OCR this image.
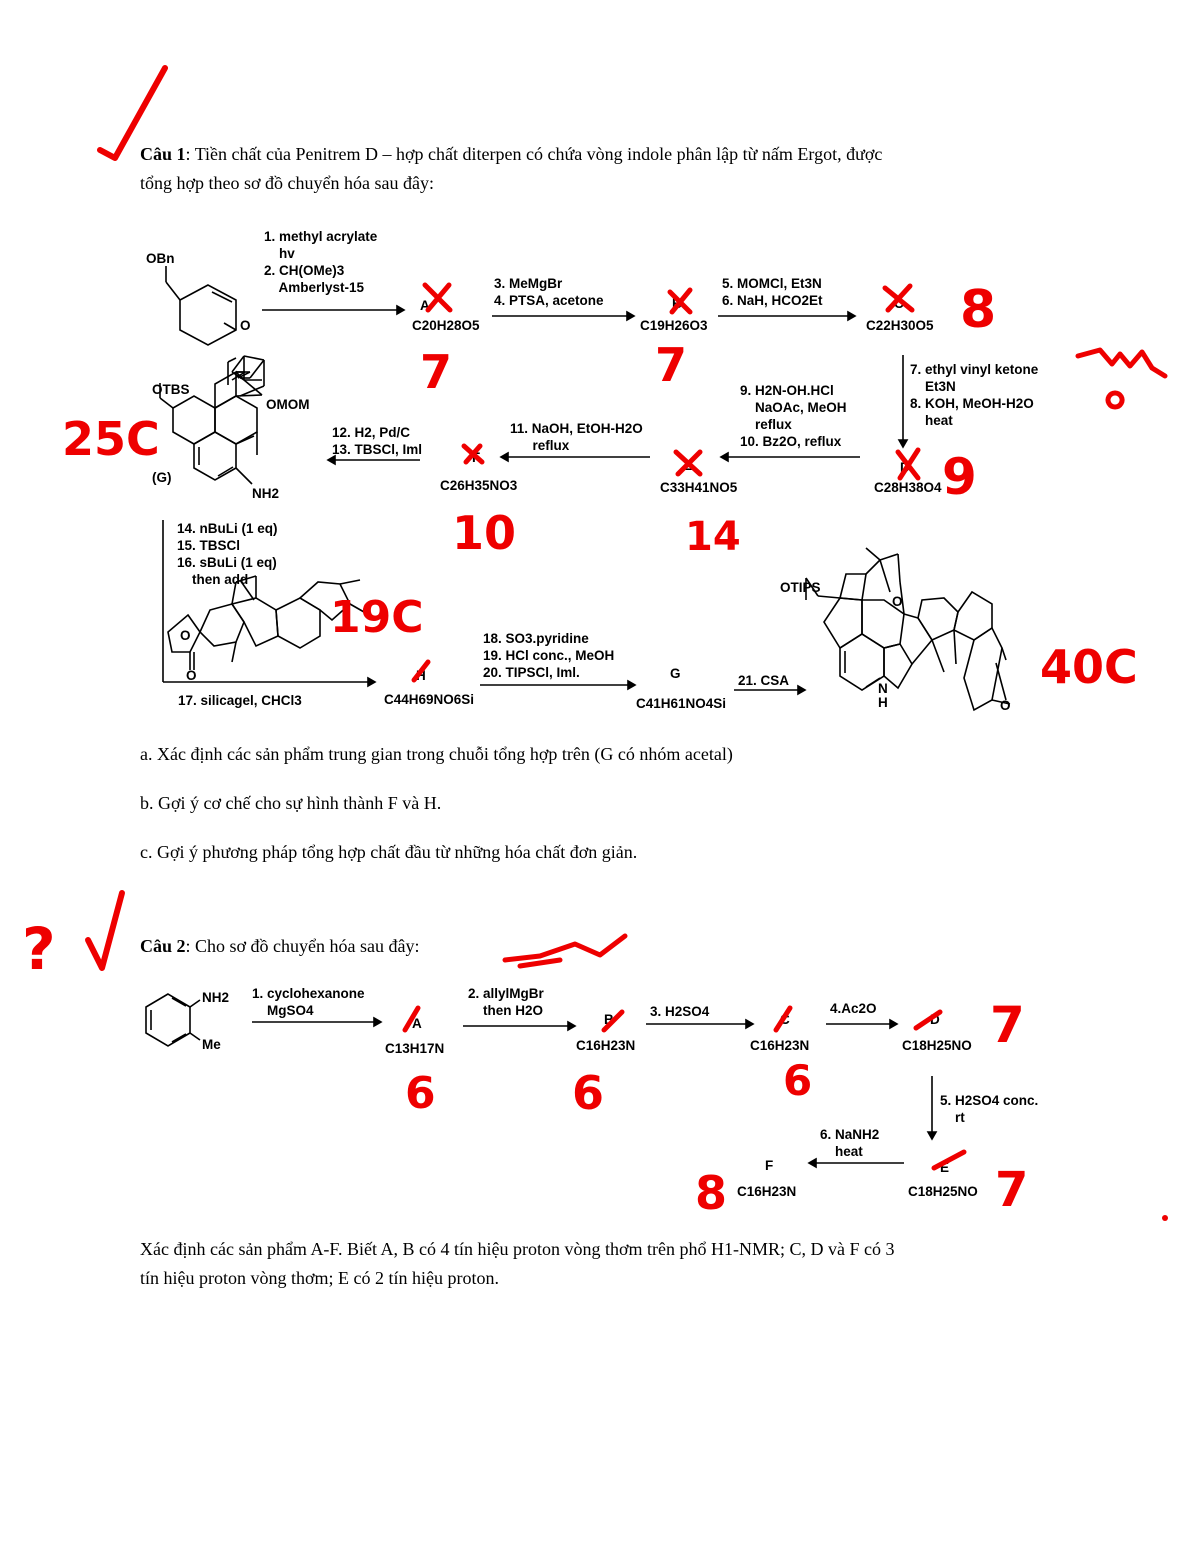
Câu 1: Tiền chất của Penitrem D – hợp chất diterpen có chứa vòng indole phân lập từ nấm Ergot, được
tổng hợp theo sơ đồ chuyển hóa sau đây:
OBn
O
1. methyl acrylate
hv
2. CH(OMe)3
Amberlyst-15	3. MeMgBr
4. PTSA, acetone
5. MOMCl, Et3N
6. NaH, HCO2Et
7. ethyl vinyl ketone
Et3N
8. KOH, MeOH-H2O
heat
9. H2N-OH.HCl
NaOAc, MeOH
reflux
10. Bz2O, reflux
11. NaOH, EtOH-H2O
reflux
12. H2, Pd/C
13. TBSCl, Iml
14. nBuLi (1 eq)
15. TBSCl
16. sBuLi (1 eq)
then add
17. silicagel, CHCl3
18. SO3.pyridine
19. HCl conc., MeOH
20. TIPSCl, Iml.
21. CSA
A
C20H28O5
B
C19H26O3
C
C22H30O5
D
C28H38O4
E
C33H41NO5
F
C26H35NO3
H
C44H69NO6Si
G
C41H61NO4Si
OTBS
OMOM
(G)
NH2
O
O
OTIPS
O
N
H	O
a. Xác định các sản phẩm trung gian trong chuỗi tổng hợp trên (G có nhóm acetal)
b. Gợi ý cơ chế cho sự hình thành F và H.
c. Gợi ý phương pháp tổng hợp chất đầu từ những hóa chất đơn giản.
Câu 2: Cho sơ đồ chuyển hóa sau đây:
NH2
Me
1. cyclohexanone
MgSO4
2. allylMgBr
then H2O	3. H2SO4	4.Ac2O
5. H2SO4 conc.
rt
6. NaNH2
heat
A
C13H17N
B
C16H23N
C
C16H23N
D
C18H25NO
E
C18H25NO
F
C16H23N
Xác định các sản phẩm A-F. Biết A, B có 4 tín hiệu proton vòng thơm trên phổ H1-NMR; C, D và F có 3
tín hiệu proton vòng thơm; E có 2 tín hiệu proton.
7	7
8
9
25C
10	14
19C
40C
6	6	6
7
7
8
?
